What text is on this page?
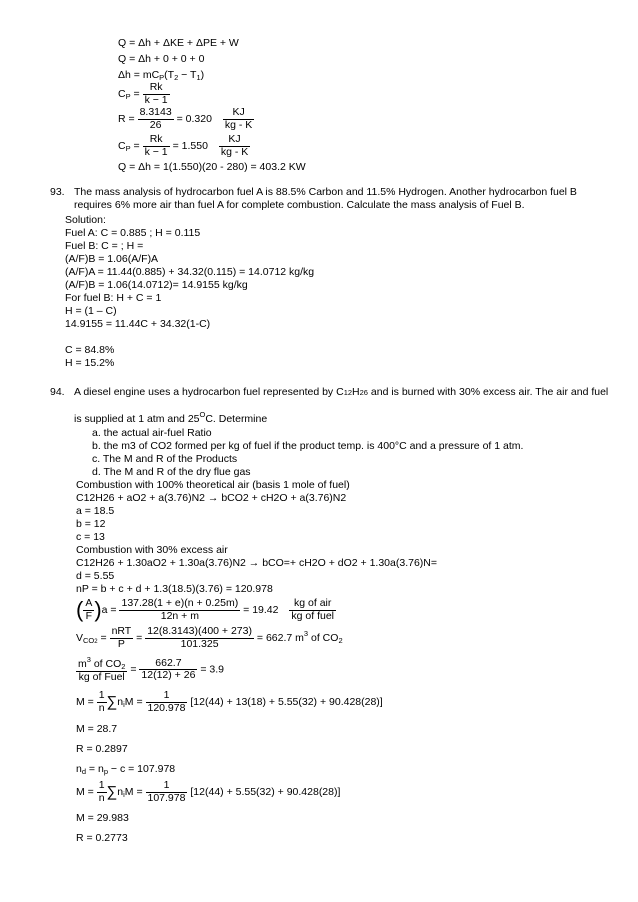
Q = Δh + ΔKE + ΔPE + W
Q = Δh + 0 + 0 + 0
$\Delta h = mC_P(T_2 - T_1)$
$C_P = \frac{Rk}{k - 1}$
$R = \frac{8.3143}{26} = 0.320 \frac{KJ}{kg - K}$
$C_P = \frac{Rk}{k - 1} = 1.550 \frac{KJ}{kg - K}$
Q = Δh = 1(1.550)(20 - 280) = 403.2 KW
93. The mass analysis of hydrocarbon fuel A is 88.5% Carbon and 11.5% Hydrogen. Another hydrocarbon fuel B requires 6% more air than fuel A for complete combustion. Calculate the mass analysis of Fuel B.
Solution:
Fuel A: C = 0.885 ; H = 0.115
Fuel B: C = ; H =
(A/F)B = 1.06(A/F)A
(A/F)A = 11.44(0.885) + 34.32(0.115) = 14.0712 kg/kg
(A/F)B = 1.06(14.0712)= 14.9155 kg/kg
For fuel B: H + C = 1
H = (1 – C)
14.9155 = 11.44C + 34.32(1-C)
C = 84.8%
H = 15.2%
94. A diesel engine uses a hydrocarbon fuel represented by C12H26 and is burned with 30% excess air. The air and fuel is supplied at 1 atm and $25^OC$. Determine
a. the actual air-fuel Ratio
b. the m3 of CO2 formed per kg of fuel if the product temp. is 400°C and a pressure of 1 atm.
c. The M and R of the Products
d. The M and R of the dry flue gas
Combustion with 100% theoretical air (basis 1 mole of fuel)
C12H26 + aO2 + a(3.76)N2 → bCO2 + cH2O + a(3.76)N2
a = 18.5
b = 12
c = 13
Combustion with 30% excess air
C12H26 + 1.30aO2 + 1.30a(3.76)N2 → bCO=+ cH2O + dO2 + 1.30a(3.76)N=
d = 5.55
nP = b + c + d + 1.3(18.5)(3.76) = 120.978
( $\frac{A}{F} )a = \frac{137.28(1 + e)(n + 0.25m)}{12n + m} = 19.42 \frac{\text{kg of air}}{\text{kg of fuel}}$
$V_{CO2} = \frac{\text{nRT}}{P} = \frac{12(8.3143)(400 + 273)}{101.325} = 662.7$ $m^3$ of $CO_2$
$\frac{m^3 of CO_2}{\text{kg of Fuel}} = \frac{662.7}{12(12) + 26} = 3.9$
$M = \frac{1}{n} \sum n_iM = \frac{1}{120.978} [12(44) + 13(18) + 5.55(32) + 90.428(28)]$
M = 28.7
R = 0.2897
$n_d = n_p - c = 107.978$
$M = \frac{1}{n} \sum n_iM = \frac{1}{107.978} [12(44) + 5.55(32) + 90.428(28)]$
M = 29.983
R = 0.2773
